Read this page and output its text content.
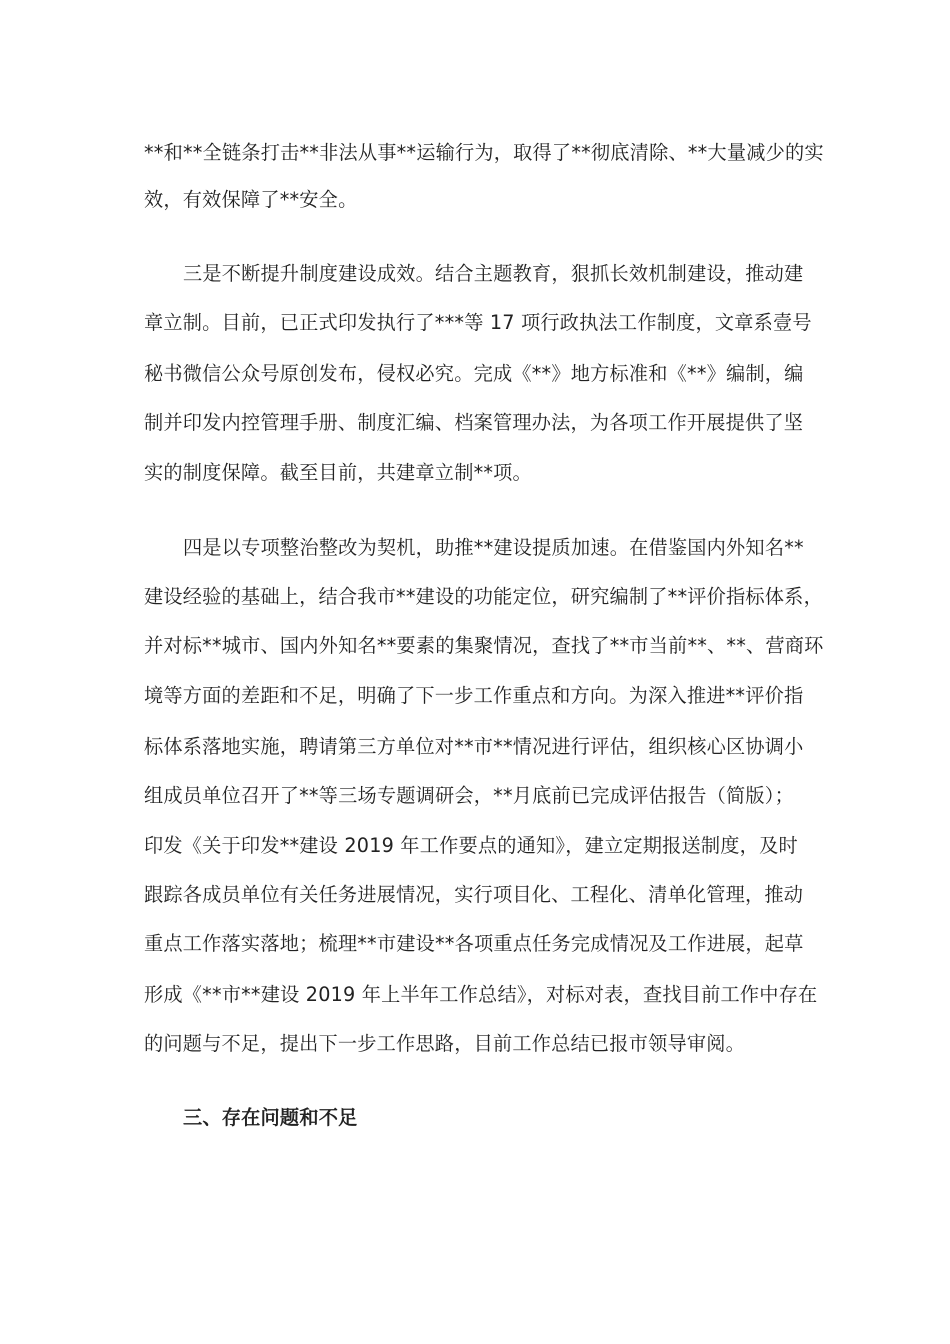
**和**全链条打击**非法从事**运输行为，取得了**彻底清除、**大量减少的实
效，有效保障了**安全。
三是不断提升制度建设成效。结合主题教育，狠抓长效机制建设，推动建
章立制。目前，已正式印发执行了***等 17 项行政执法工作制度，文章系壹号
秘书微信公众号原创发布，侵权必究。完成《**》地方标准和《**》编制，编
制并印发内控管理手册、制度汇编、档案管理办法，为各项工作开展提供了坚
实的制度保障。截至目前，共建章立制**项。
四是以专项整治整改为契机，助推**建设提质加速。在借鉴国内外知名**
建设经验的基础上，结合我市**建设的功能定位，研究编制了**评价指标体系，
并对标**城市、国内外知名**要素的集聚情况，查找了**市当前**、**、营商环
境等方面的差距和不足，明确了下一步工作重点和方向。为深入推进**评价指
标体系落地实施，聘请第三方单位对**市**情况进行评估，组织核心区协调小
组成员单位召开了**等三场专题调研会，**月底前已完成评估报告（简版）；
印发《关于印发**建设 2019 年工作要点的通知》，建立定期报送制度，及时
跟踪各成员单位有关任务进展情况，实行项目化、工程化、清单化管理，推动
重点工作落实落地；梳理**市建设**各项重点任务完成情况及工作进展，起草
形成《**市**建设 2019 年上半年工作总结》，对标对表，查找目前工作中存在
的问题与不足，提出下一步工作思路，目前工作总结已报市领导审阅。
三、存在问题和不足
